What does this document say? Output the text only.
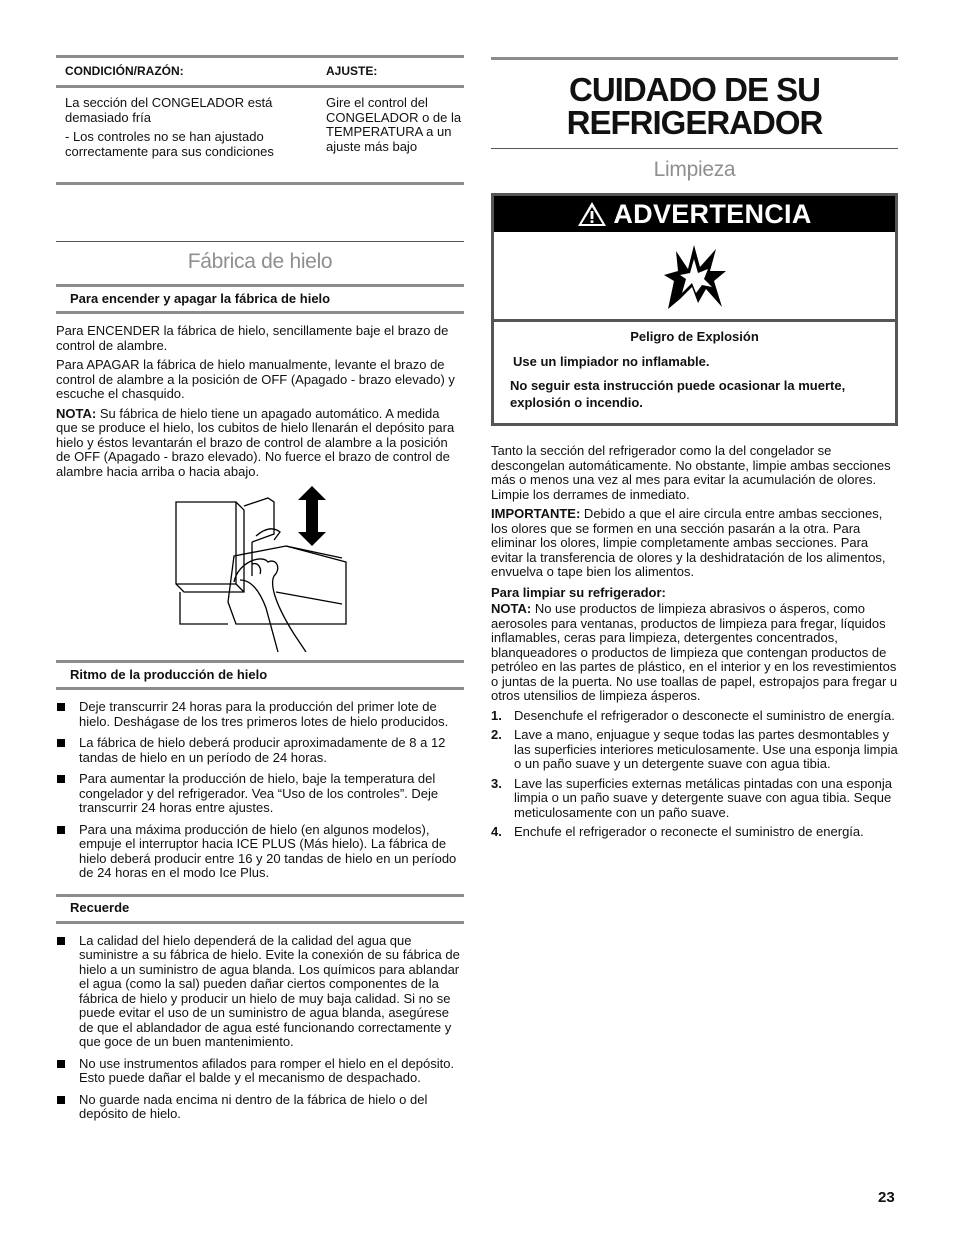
CONDICIÓN/RAZÓN:	AJUSTE:

La sección del CONGELADOR está demasiado fría

- Los controles no se han ajustado correctamente para sus condiciones

Gire el control del CONGELADOR o de la TEMPERATURA a un ajuste más bajo
Fábrica de hielo
Para encender y apagar la fábrica de hielo

Para ENCENDER la fábrica de hielo, sencillamente baje el brazo de control de alambre.

Para APAGAR la fábrica de hielo manualmente, levante el brazo de control de alambre a la posición de OFF (Apagado - brazo elevado) y escuche el chasquido.

NOTA: Su fábrica de hielo tiene un apagado automático. A medida que se produce el hielo, los cubitos de hielo llenarán el depósito para hielo y éstos levantarán el brazo de control de alambre a la posición de OFF (Apagado - brazo elevado). No fuerce el brazo de control de alambre hacia arriba o hacia abajo.

Ritmo de la producción de hielo
Deje transcurrir 24 horas para la producción del primer lote de hielo. Deshágase de los tres primeros lotes de hielo producidos.
La fábrica de hielo deberá producir aproximadamente de 8 a 12 tandas de hielo en un período de 24 horas.
Para aumentar la producción de hielo, baje la temperatura del congelador y del refrigerador. Vea “Uso de los controles”. Deje transcurrir 24 horas entre ajustes.
Para una máxima producción de hielo (en algunos modelos), empuje el interruptor hacia ICE PLUS (Más hielo). La fábrica de hielo deberá producir entre 16 y 20 tandas de hielo en un período de 24 horas en el modo Ice Plus.
Recuerde
La calidad del hielo dependerá de la calidad del agua que suministre a su fábrica de hielo. Evite la conexión de su fábrica de hielo a un suministro de agua blanda. Los químicos para ablandar el agua (como la sal) pueden dañar ciertos componentes de la fábrica de hielo y producir un hielo de muy baja calidad. Si no se puede evitar el uso de un suministro de agua blanda, asegúrese de que el ablandador de agua esté funcionando correctamente y que goce de un buen mantenimiento.
No use instrumentos afilados para romper el hielo en el depósito. Esto puede dañar el balde y el mecanismo de despachado.
No guarde nada encima ni dentro de la fábrica de hielo o del depósito de hielo.
CUIDADO DE SU
REFRIGERADOR
Limpieza
ADVERTENCIA

Peligro de Explosión

Use un limpiador no inflamable.

No seguir esta instrucción puede ocasionar la muerte, explosión o incendio.

Tanto la sección del refrigerador como la del congelador se descongelan automáticamente. No obstante, limpie ambas secciones más o menos una vez al mes para evitar la acumulación de olores. Limpie los derrames de inmediato.

IMPORTANTE: Debido a que el aire circula entre ambas secciones, los olores que se formen en una sección pasarán a la otra. Para eliminar los olores, limpie completamente ambas secciones. Para evitar la transferencia de olores y la deshidratación de los alimentos, envuelva o tape bien los alimentos.

Para limpiar su refrigerador:

NOTA: No use productos de limpieza abrasivos o ásperos, como aerosoles para ventanas, productos de limpieza para fregar, líquidos inflamables, ceras para limpieza, detergentes concentrados, blanqueadores o productos de limpieza que contengan productos de petróleo en las partes de plástico, en el interior y en los revestimientos o juntas de la puerta. No use toallas de papel, estropajos para fregar u otros utensilios de limpieza ásperos.

1. Desenchufe el refrigerador o desconecte el suministro de energía.
2. Lave a mano, enjuague y seque todas las partes desmontables y las superficies interiores meticulosamente. Use una esponja limpia o un paño suave y un detergente suave con agua tibia.
3. Lave las superficies externas metálicas pintadas con una esponja limpia o un paño suave y detergente suave con agua tibia. Seque meticulosamente con un paño suave.
4. Enchufe el refrigerador o reconecte el suministro de energía.
23
